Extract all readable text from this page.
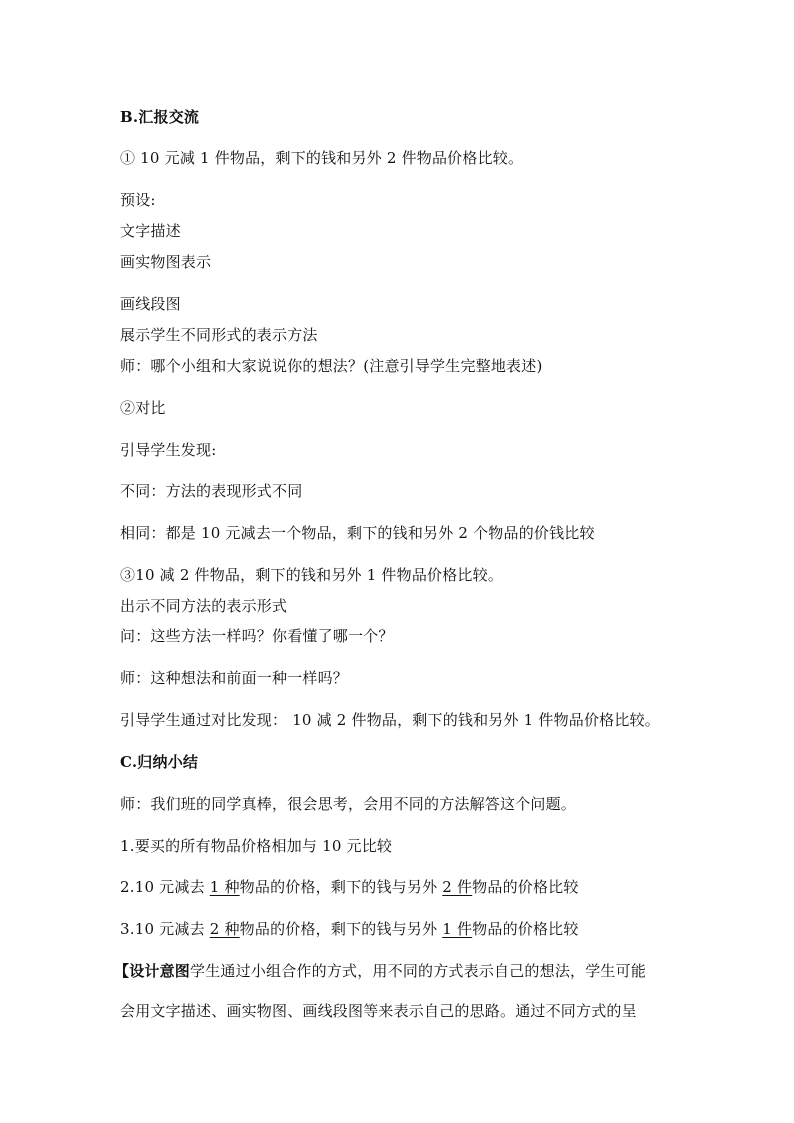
B.汇报交流
① 10 元减 1 件物品，剩下的钱和另外 2 件物品价格比较。
预设:
文字描述
画实物图表示
画线段图
展示学生不同形式的表示方法
师：哪个小组和大家说说你的想法？(注意引导学生完整地表述)
②对比
引导学生发现:
不同：方法的表现形式不同
相同：都是 10 元减去一个物品，剩下的钱和另外 2 个物品的价钱比较
③10 减 2 件物品，剩下的钱和另外 1 件物品价格比较。
出示不同方法的表示形式
问：这些方法一样吗？你看懂了哪一个？
师：这种想法和前面一种一样吗？
引导学生通过对比发现： 10 减 2 件物品，剩下的钱和另外 1 件物品价格比较。
C.归纳小结
师：我们班的同学真棒，很会思考，会用不同的方法解答这个问题。
1.要买的所有物品价格相加与 10 元比较
2.10 元减去 1 种物品的价格，剩下的钱与另外 2 件物品的价格比较
3.10 元减去 2 种物品的价格，剩下的钱与另外 1 件物品的价格比较
【设计意图学生通过小组合作的方式，用不同的方式表示自己的想法，学生可能
会用文字描述、画实物图、画线段图等来表示自己的思路。通过不同方式的呈
